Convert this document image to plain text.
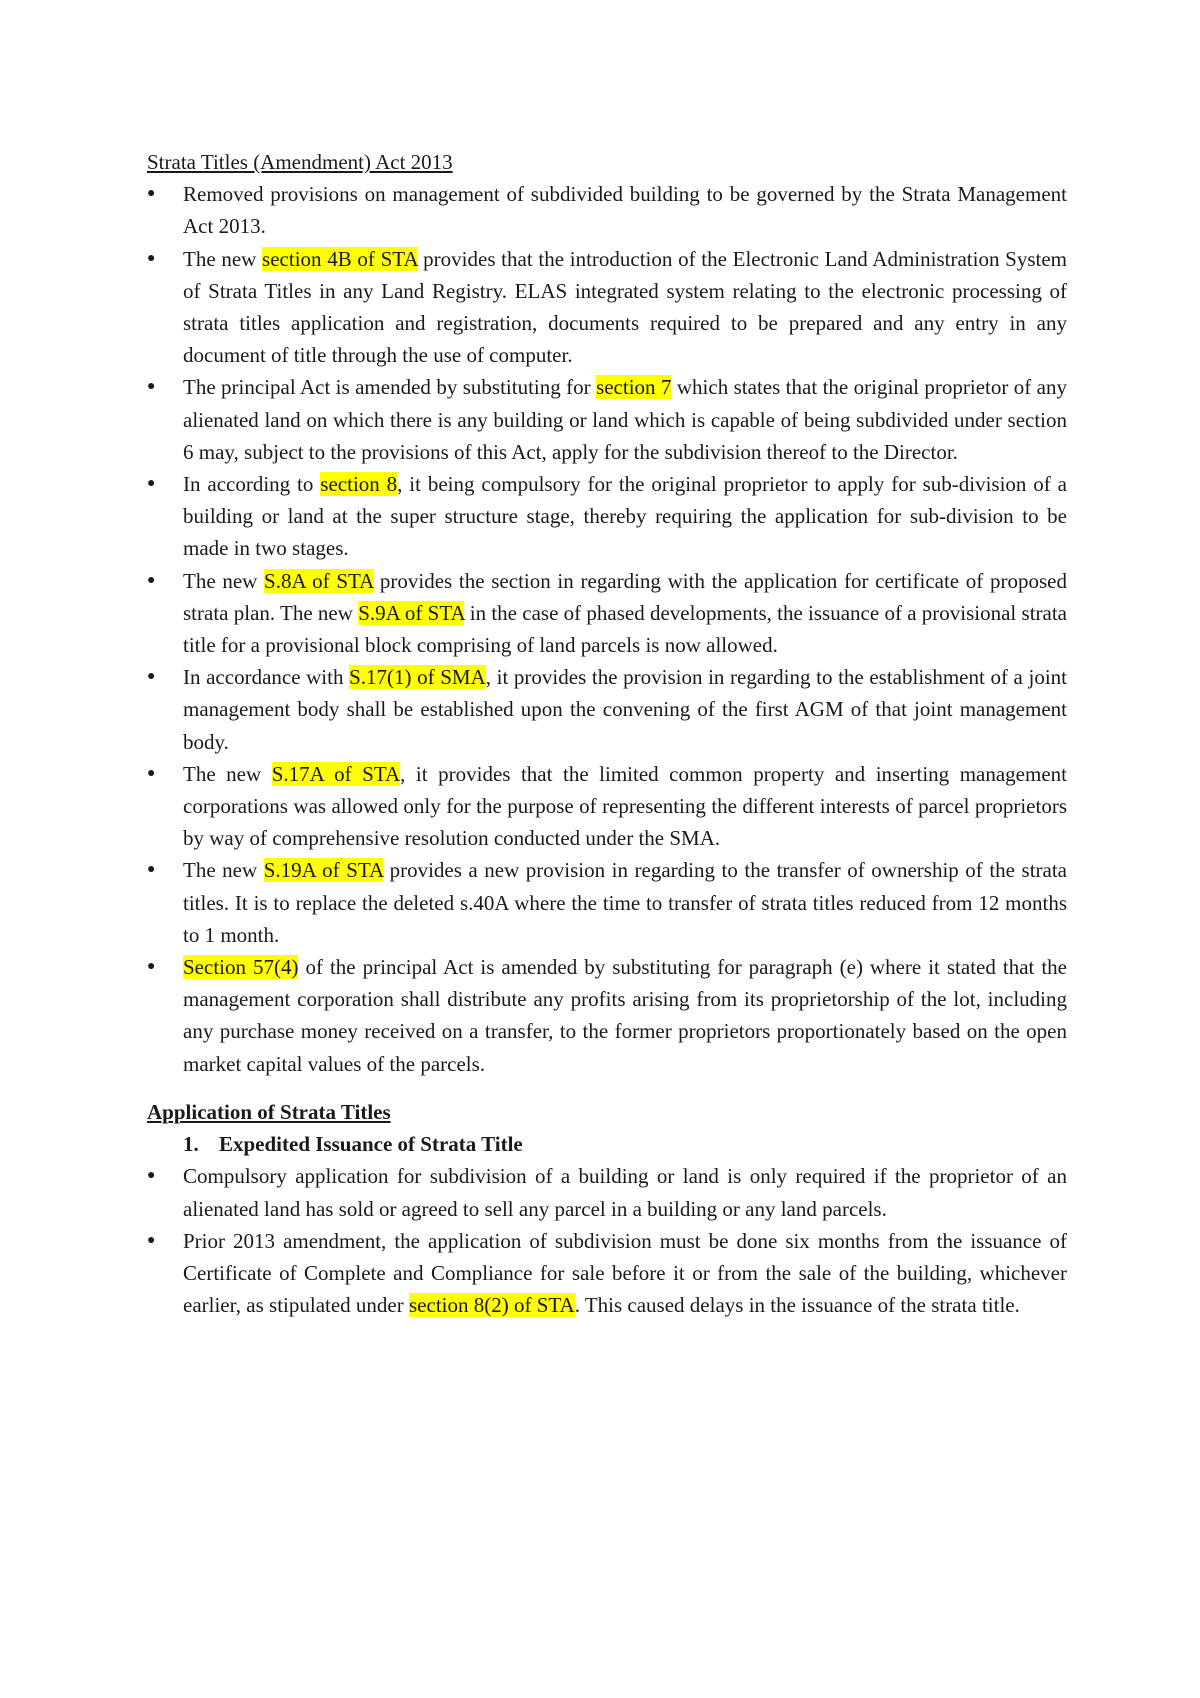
Strata Titles (Amendment) Act 2013
● Removed provisions on management of subdivided building to be governed by the Strata Management Act 2013.
● The new section 4B of STA provides that the introduction of the Electronic Land Administration System of Strata Titles in any Land Registry. ELAS integrated system relating to the electronic processing of strata titles application and registration, documents required to be prepared and any entry in any document of title through the use of computer.
● The principal Act is amended by substituting for section 7 which states that the original proprietor of any alienated land on which there is any building or land which is capable of being subdivided under section 6 may, subject to the provisions of this Act, apply for the subdivision thereof to the Director.
● In according to section 8, it being compulsory for the original proprietor to apply for sub-division of a building or land at the super structure stage, thereby requiring the application for sub-division to be made in two stages.
● The new S.8A of STA provides the section in regarding with the application for certificate of proposed strata plan. The new S.9A of STA in the case of phased developments, the issuance of a provisional strata title for a provisional block comprising of land parcels is now allowed.
● In accordance with S.17(1) of SMA, it provides the provision in regarding to the establishment of a joint management body shall be established upon the convening of the first AGM of that joint management body.
● The new S.17A of STA, it provides that the limited common property and inserting management corporations was allowed only for the purpose of representing the different interests of parcel proprietors by way of comprehensive resolution conducted under the SMA.
● The new S.19A of STA provides a new provision in regarding to the transfer of ownership of the strata titles. It is to replace the deleted s.40A where the time to transfer of strata titles reduced from 12 months to 1 month.
● Section 57(4) of the principal Act is amended by substituting for paragraph (e) where it stated that the management corporation shall distribute any profits arising from its proprietorship of the lot, including any purchase money received on a transfer, to the former proprietors proportionately based on the open market capital values of the parcels.
Application of Strata Titles
1. Expedited Issuance of Strata Title
● Compulsory application for subdivision of a building or land is only required if the proprietor of an alienated land has sold or agreed to sell any parcel in a building or any land parcels.
● Prior 2013 amendment, the application of subdivision must be done six months from the issuance of Certificate of Complete and Compliance for sale before it or from the sale of the building, whichever earlier, as stipulated under section 8(2) of STA. This caused delays in the issuance of the strata title.
